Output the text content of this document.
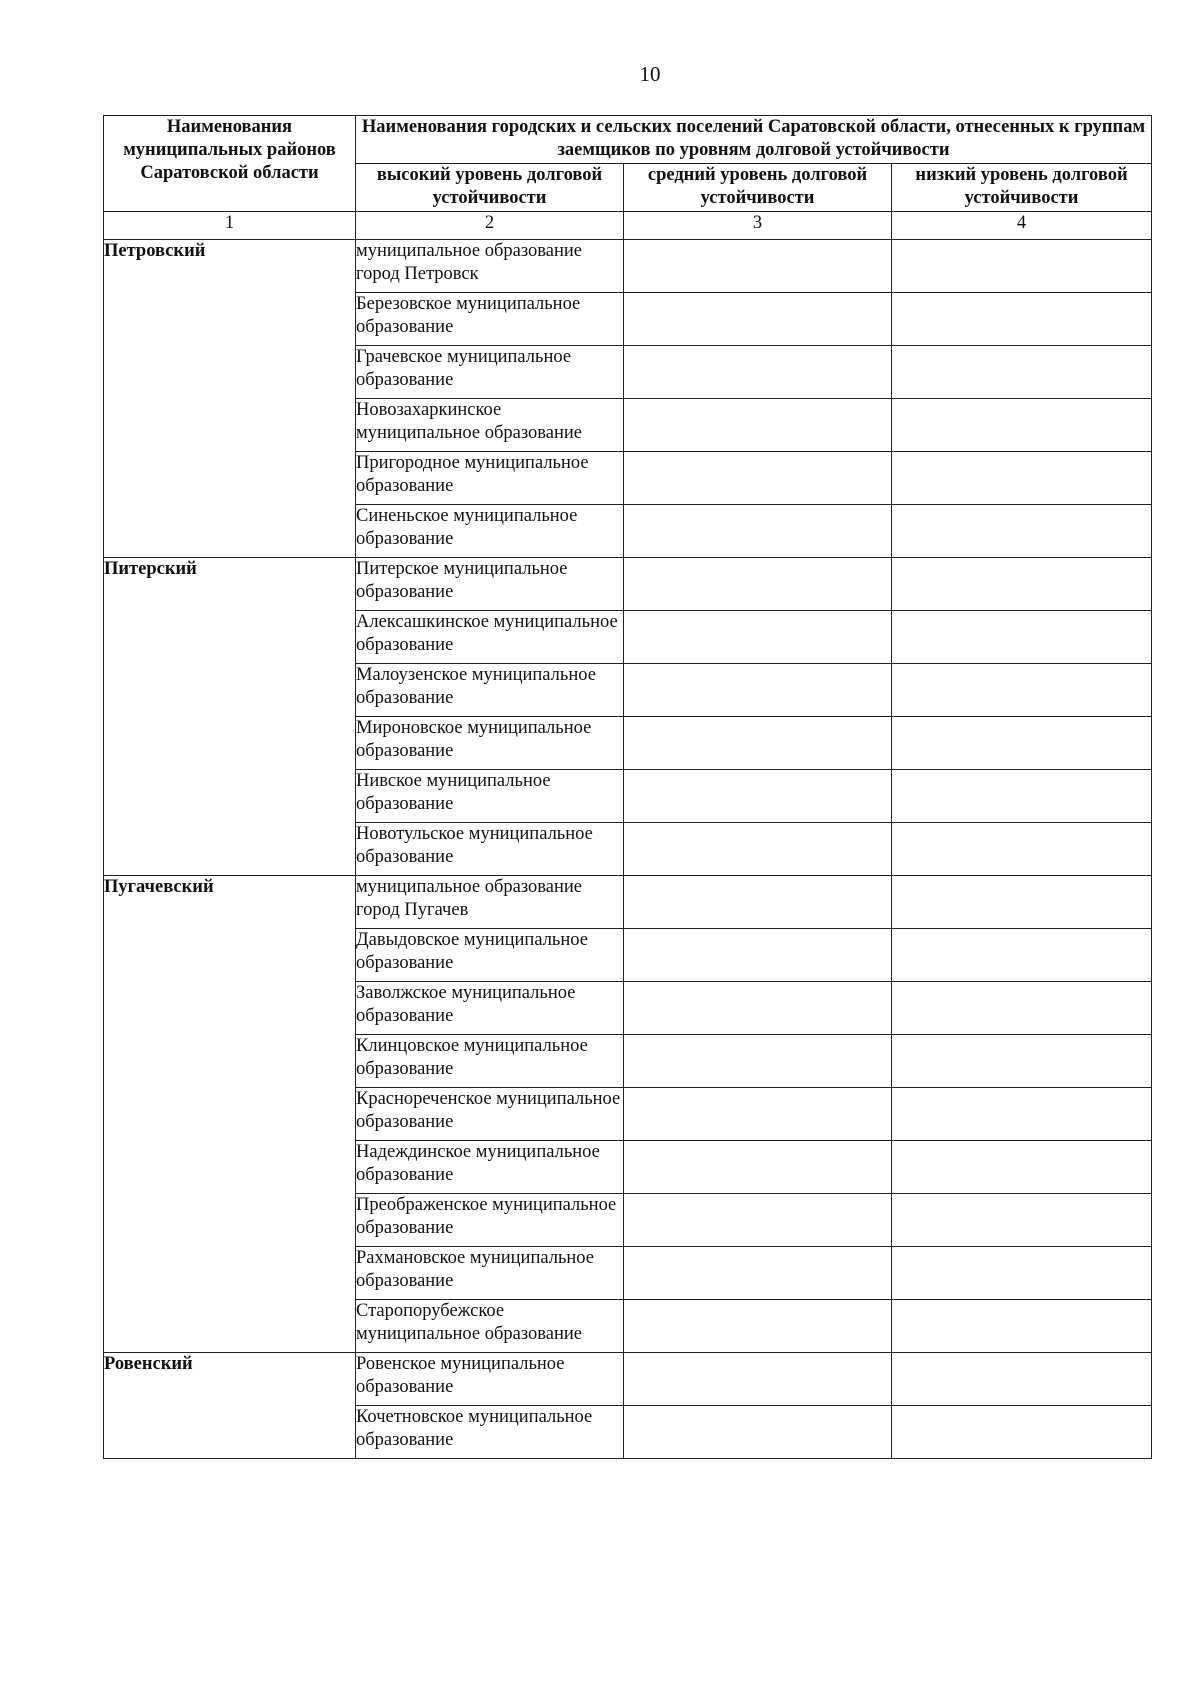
10
Наименования муниципальных районов Саратовской области	Наименования городских и сельских поселений Саратовской области, отнесенных к группам заемщиков по уровням долговой устойчивости		
	высокий уровень долговой устойчивости	средний уровень долговой устойчивости	низкий уровень долговой устойчивости
1	2	3	4
Петровский	муниципальное образование город Петровск		
	Березовское муниципальное образование		
	Грачевское муниципальное образование		
	Новозахаркинское муниципальное образование		
	Пригородное муниципальное образование		
	Синеньское муниципальное образование		
Питерский	Питерское муниципальное образование		
	Алексашкинское муниципальное образование		
	Малоузенское муниципальное образование		
	Мироновское муниципальное образование		
	Нивское муниципальное образование		
	Новотульское муниципальное образование		
Пугачевский	муниципальное образование город Пугачев		
	Давыдовское муниципальное образование		
	Заволжское муниципальное образование		
	Клинцовское муниципальное образование		
	Краснореченское муниципальное образование		
	Надеждинское муниципальное образование		
	Преображенское муниципальное образование		
	Рахмановское муниципальное образование		
	Старопорубежское муниципальное образование		
Ровенский	Ровенское муниципальное образование		
	Кочетновское муниципальное образование		
